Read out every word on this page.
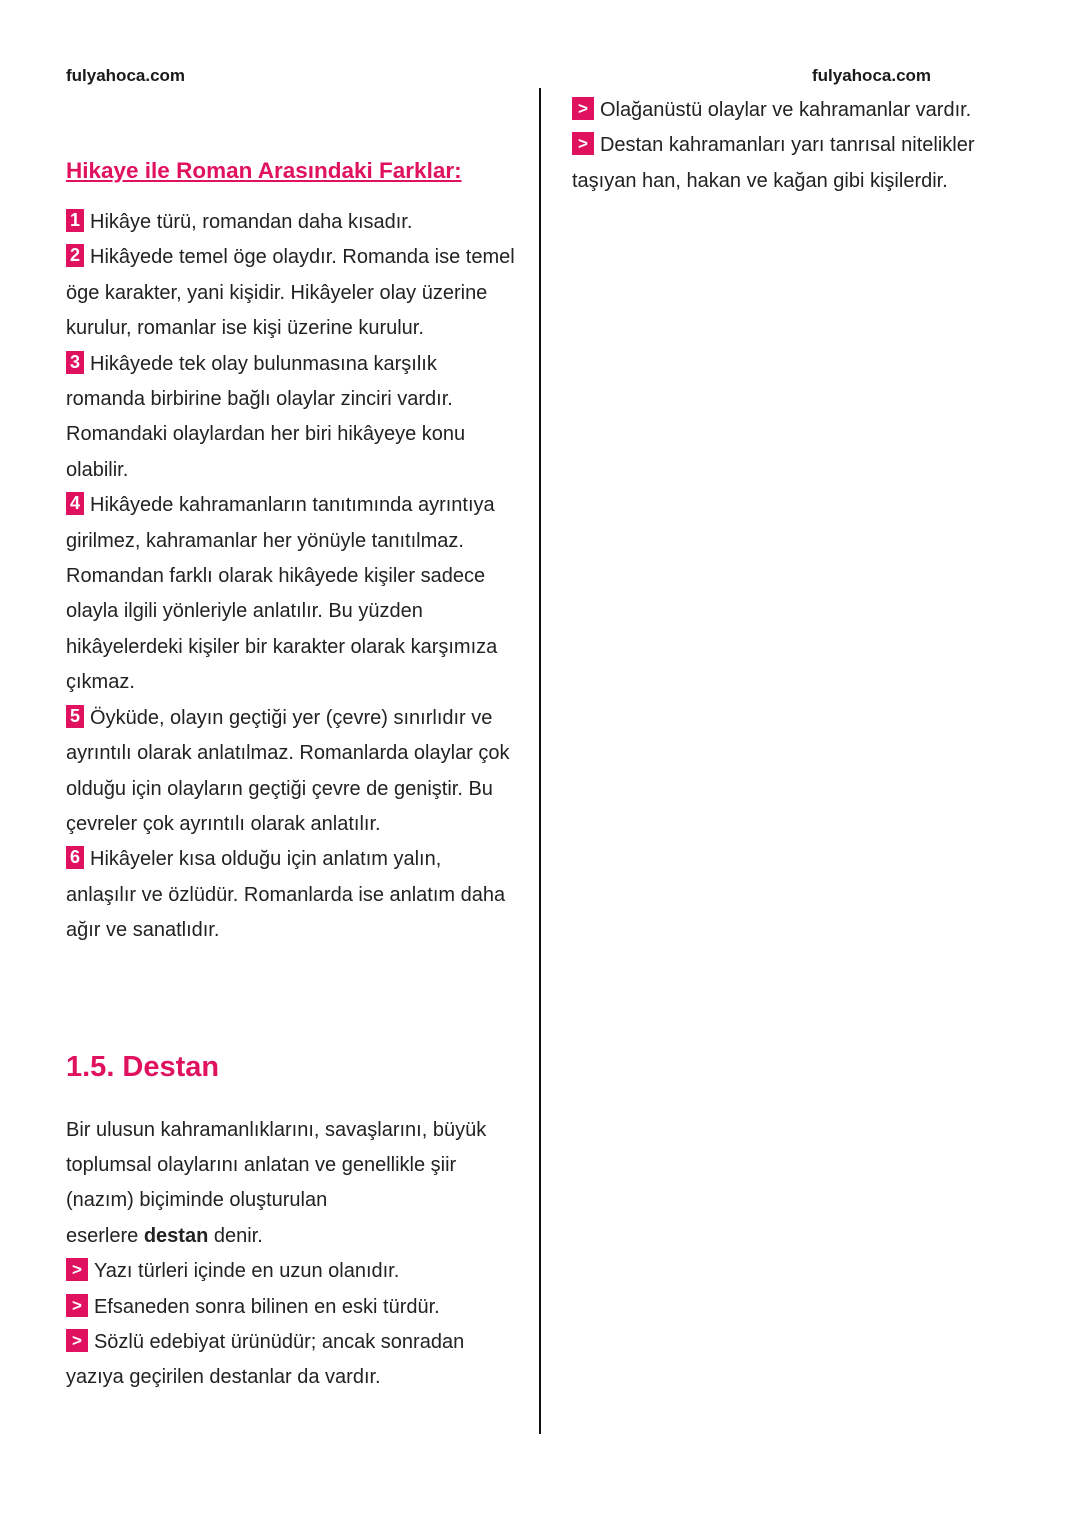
fulyahoca.com	fulyahoca.com
Hikaye ile Roman Arasındaki Farklar:

1 Hikâye türü, romandan daha kısadır.

2 Hikâyede temel öge olaydır. Romanda ise temel öge karakter, yani kişidir. Hikâyeler olay üzerine kurulur, romanlar ise kişi üzerine kurulur.

3 Hikâyede tek olay bulunmasına karşılık romanda birbirine bağlı olaylar zinciri vardır. Romandaki olaylardan her biri hikâyeye konu olabilir.

4 Hikâyede kahramanların tanıtımında ayrıntıya girilmez, kahramanlar her yönüyle tanıtılmaz. Romandan farklı olarak hikâyede kişiler sadece olayla ilgili yönleriyle anlatılır. Bu yüzden hikâyelerdeki kişiler bir karakter olarak karşımıza çıkmaz.

5 Öyküde, olayın geçtiği yer (çevre) sınırlıdır ve ayrıntılı olarak anlatılmaz. Romanlarda olaylar çok olduğu için olayların geçtiği çevre de geniştir. Bu çevreler çok ayrıntılı olarak anlatılır.

6 Hikâyeler kısa olduğu için anlatım yalın, anlaşılır ve özlüdür. Romanlarda ise anlatım daha ağır ve sanatlıdır.

1.5. Destan

Bir ulusun kahramanlıklarını, savaşlarını, büyük toplumsal olaylarını anlatan ve genellikle şiir (nazım) biçiminde oluşturulan
eserlere destan denir.

> Yazı türleri içinde en uzun olanıdır.

> Efsaneden sonra bilinen en eski türdür.

> Sözlü edebiyat ürünüdür; ancak sonradan yazıya geçirilen destanlar da vardır.

> Olağanüstü olaylar ve kahramanlar vardır.

> Destan kahramanları yarı tanrısal nitelikler taşıyan han, hakan ve kağan gibi kişilerdir.
